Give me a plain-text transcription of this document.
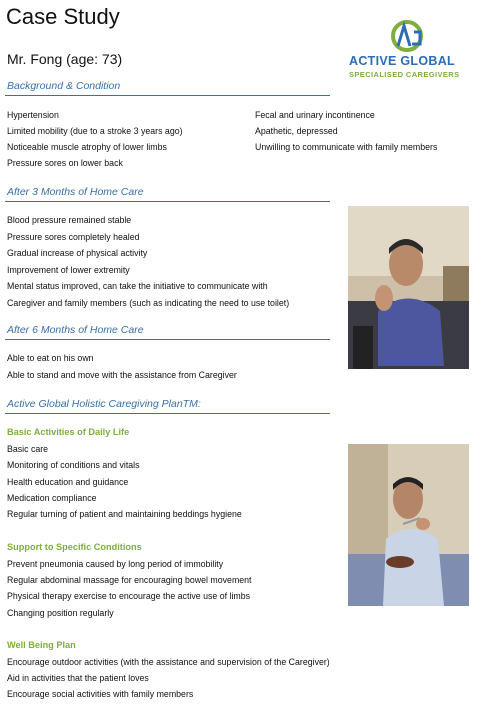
Case Study
Mr. Fong (age: 73)	ACTIVE GLOBAL
SPECIALISED CAREGIVERS
Background & Condition
Hypertension
Limited mobility (due to a stroke 3 years ago)
Noticeable muscle atrophy of lower limbs
Pressure sores on lower back
Fecal and urinary incontinence
Apathetic, depressed
Unwilling to communicate with family members
After 3 Months of Home Care
Blood pressure remained stable
Pressure sores completely healed
Gradual increase of physical activity
Improvement of lower extremity
Mental status improved, can take the initiative to communicate with
Caregiver and family members (such as indicating the need to use toilet)
After 6 Months of Home Care
Able to eat on his own
Able to stand and move with the assistance from Caregiver
Active Global Holistic Caregiving PlanTM:
Basic Activities of Daily Life
Basic care
Monitoring of conditions and vitals
Health education and guidance
Medication compliance
Regular turning of patient and maintaining beddings hygiene
Support to Specific Conditions
Prevent pneumonia caused by long period of immobility
Regular abdominal massage for encouraging bowel movement
Physical therapy exercise to encourage the active use of limbs
Changing position regularly
Well Being Plan
Encourage outdoor activities (with the assistance and supervision of the Caregiver)
Aid in activities that the patient loves
Encourage social activities with family members
